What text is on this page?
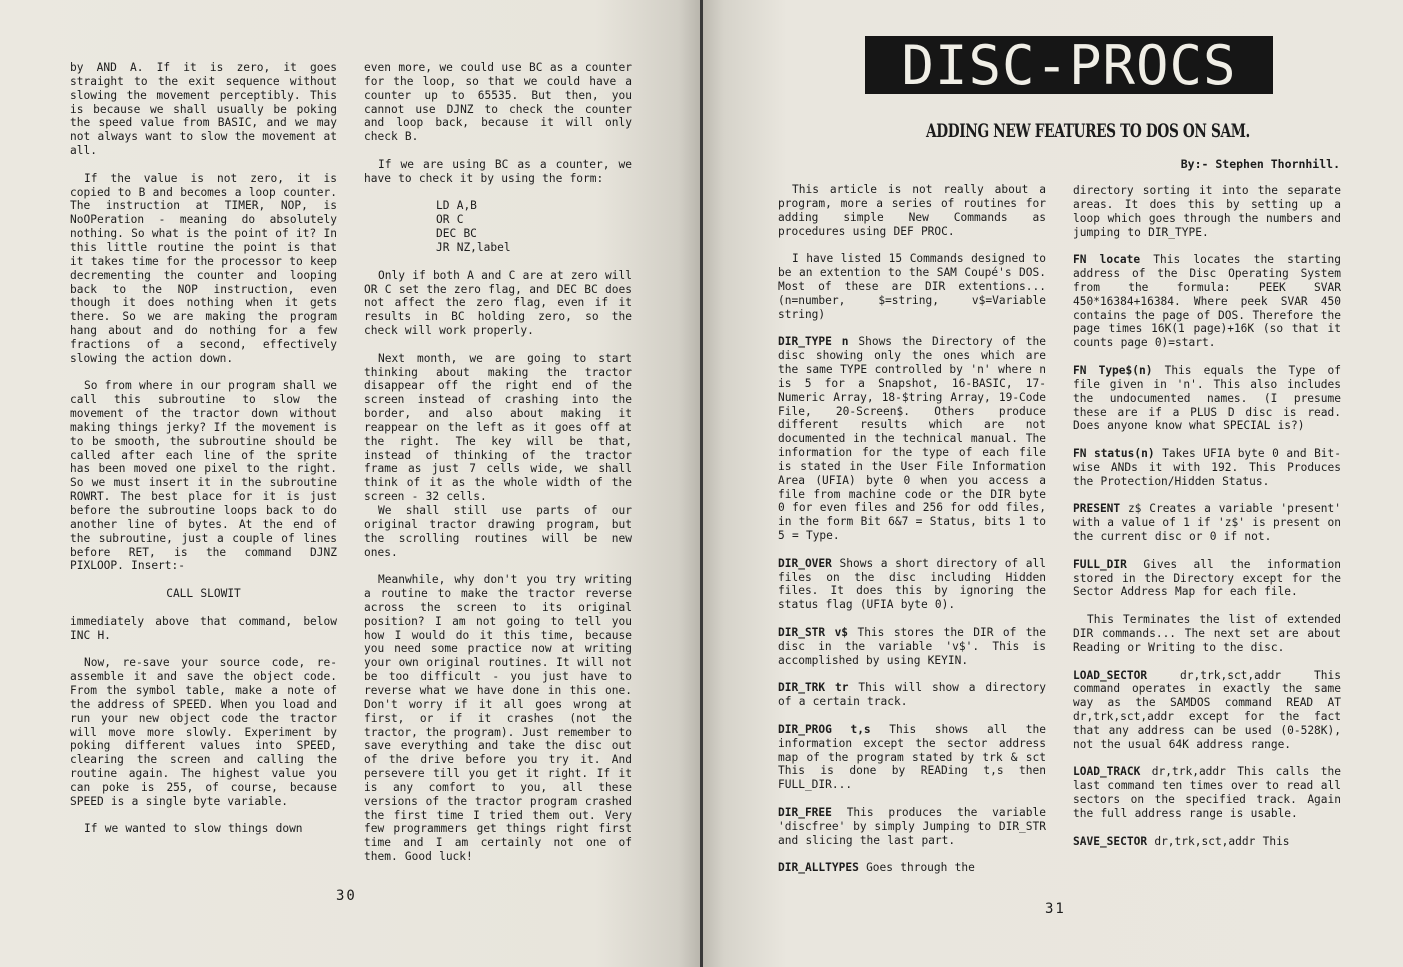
by AND A. If it is zero, it goes straight to the exit sequence without slowing the movement perceptibly. This is because we shall usually be poking the speed value from BASIC, and we may not always want to slow the movement at all.

If the value is not zero, it is copied to B and becomes a loop counter. The instruction at TIMER, NOP, is NoOPeration - meaning do absolutely nothing. So what is the point of it? In this little routine the point is that it takes time for the processor to keep decrementing the counter and looping back to the NOP instruction, even though it does nothing when it gets there. So we are making the program hang about and do nothing for a few fractions of a second, effectively slowing the action down.

So from where in our program shall we call this subroutine to slow the movement of the tractor down without making things jerky? If the movement is to be smooth, the subroutine should be called after each line of the sprite has been moved one pixel to the right. So we must insert it in the subroutine ROWRT. The best place for it is just before the subroutine loops back to do another line of bytes. At the end of the subroutine, just a couple of lines before RET, is the command DJNZ PIXLOOP. Insert:-

CALL SLOWIT

immediately above that command, below INC H.

Now, re-save your source code, re-assemble it and save the object code. From the symbol table, make a note of the address of SPEED. When you load and run your new object code the tractor will move more slowly. Experiment by poking different values into SPEED, clearing the screen and calling the routine again. The highest value you can poke is 255, of course, because SPEED is a single byte variable.

If we wanted to slow things down

even more, we could use BC as a counter for the loop, so that we could have a counter up to 65535. But then, you cannot use DJNZ to check the counter and loop back, because it will only check B.

If we are using BC as a counter, we have to check it by using the form:

LD A,B
OR C
DEC BC
JR NZ,label

Only if both A and C are at zero will OR C set the zero flag, and DEC BC does not affect the zero flag, even if it results in BC holding zero, so the check will work properly.

Next month, we are going to start thinking about making the tractor disappear off the right end of the screen instead of crashing into the border, and also about making it reappear on the left as it goes off at the right. The key will be that, instead of thinking of the tractor frame as just 7 cells wide, we shall think of it as the whole width of the screen - 32 cells.

We shall still use parts of our original tractor drawing program, but the scrolling routines will be new ones.

Meanwhile, why don't you try writing a routine to make the tractor reverse across the screen to its original position? I am not going to tell you how I would do it this time, because you need some practice now at writing your own original routines. It will not be too difficult - you just have to reverse what we have done in this one. Don't worry if it all goes wrong at first, or if it crashes (not the tractor, the program). Just remember to save everything and take the disc out of the drive before you try it. And persevere till you get it right. If it is any comfort to you, all these versions of the tractor program crashed the first time I tried them out. Very few programmers get things right first time and I am certainly not one of them. Good luck!

30
DISC-PROCS
ADDING NEW FEATURES TO DOS ON SAM.
By:- Stephen Thornhill.

This article is not really about a program, more a series of routines for adding simple New Commands as procedures using DEF PROC.

I have listed 15 Commands designed to be an extention to the SAM Coupé's DOS. Most of these are DIR extentions... (n=number, $=string, v$=Variable string)

DIR_TYPE n Shows the Directory of the disc showing only the ones which are the same TYPE controlled by 'n' where n is 5 for a Snapshot, 16-BASIC, 17-Numeric Array, 18-$tring Array, 19-Code File, 20-Screen$. Others produce different results which are not documented in the technical manual. The information for the type of each file is stated in the User File Information Area (UFIA) byte 0 when you access a file from machine code or the DIR byte 0 for even files and 256 for odd files, in the form Bit 6&7 = Status, bits 1 to 5 = Type.

DIR_OVER Shows a short directory of all files on the disc including Hidden files. It does this by ignoring the status flag (UFIA byte 0).

DIR_STR v$ This stores the DIR of the disc in the variable 'v$'. This is accomplished by using KEYIN.

DIR_TRK tr This will show a directory of a certain track.

DIR_PROG t,s This shows all the information except the sector address map of the program stated by trk & sct This is done by READing t,s then FULL_DIR...

DIR_FREE This produces the variable 'discfree' by simply Jumping to DIR_STR and slicing the last part.

DIR_ALLTYPES Goes through the

directory sorting it into the separate areas. It does this by setting up a loop which goes through the numbers and jumping to DIR_TYPE.

FN locate This locates the starting address of the Disc Operating System from the formula: PEEK SVAR 450*16384+16384. Where peek SVAR 450 contains the page of DOS. Therefore the page times 16K(1 page)+16K (so that it counts page 0)=start.

FN Type$(n) This equals the Type of file given in 'n'. This also includes the undocumented names. (I presume these are if a PLUS D disc is read. Does anyone know what SPECIAL is?)

FN status(n) Takes UFIA byte 0 and Bit-wise ANDs it with 192. This Produces the Protection/Hidden Status.

PRESENT z$ Creates a variable 'present' with a value of 1 if 'z$' is present on the current disc or 0 if not.

FULL_DIR Gives all the information stored in the Directory except for the Sector Address Map for each file.

This Terminates the list of extended DIR commands... The next set are about Reading or Writing to the disc.

LOAD_SECTOR dr,trk,sct,addr This command operates in exactly the same way as the SAMDOS command READ AT dr,trk,sct,addr except for the fact that any address can be used (0-528K), not the usual 64K address range.

LOAD_TRACK dr,trk,addr This calls the last command ten times over to read all sectors on the specified track. Again the full address range is usable.

SAVE_SECTOR dr,trk,sct,addr This

31
